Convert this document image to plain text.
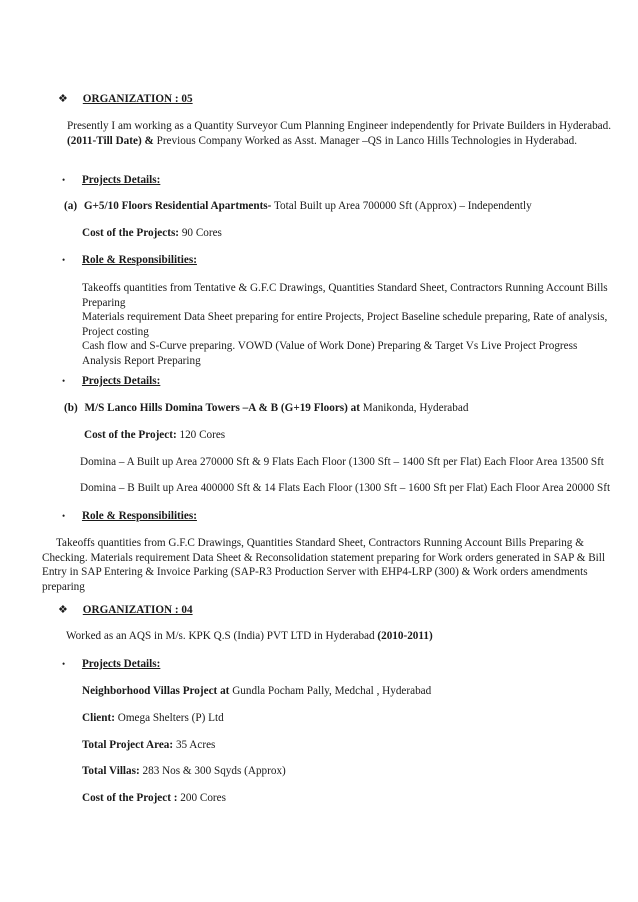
❖ ORGANIZATION : 05
Presently I am working as a Quantity Surveyor Cum Planning Engineer independently for Private Builders in Hyderabad. (2011-Till Date) & Previous Company Worked as Asst. Manager –QS in Lanco Hills Technologies in Hyderabad.
• Projects Details:
(a) G+5/10 Floors Residential Apartments- Total Built up Area 700000 Sft (Approx) – Independently
Cost of the Projects: 90 Cores
• Role & Responsibilities:
Takeoffs quantities from Tentative & G.F.C Drawings, Quantities Standard Sheet, Contractors Running Account Bills
Preparing
Materials requirement Data Sheet preparing for entire Projects, Project Baseline schedule preparing, Rate of analysis,
Project costing
Cash flow and S-Curve preparing. VOWD (Value of Work Done) Preparing & Target Vs Live Project Progress
Analysis Report Preparing
• Projects Details:
(b) M/S Lanco Hills Domina Towers –A & B (G+19 Floors) at Manikonda, Hyderabad
Cost of the Project: 120 Cores
Domina – A Built up Area 270000 Sft & 9 Flats Each Floor (1300 Sft – 1400 Sft per Flat) Each Floor Area 13500 Sft
Domina – B Built up Area 400000 Sft & 14 Flats Each Floor (1300 Sft – 1600 Sft per Flat) Each Floor Area 20000 Sft
• Role & Responsibilities:
Takeoffs quantities from G.F.C Drawings, Quantities Standard Sheet, Contractors Running Account Bills Preparing &
Checking. Materials requirement Data Sheet & Reconsolidation statement preparing for Work orders generated in SAP & Bill
Entry in SAP Entering & Invoice Parking (SAP-R3 Production Server with EHP4-LRP (300) & Work orders amendments
preparing
❖ ORGANIZATION : 04
Worked as an AQS in M/s. KPK Q.S (India) PVT LTD in Hyderabad (2010-2011)
• Projects Details:
Neighborhood Villas Project at Gundla Pocham Pally, Medchal , Hyderabad
Client: Omega Shelters (P) Ltd
Total Project Area: 35 Acres
Total Villas: 283 Nos & 300 Sqyds (Approx)
Cost of the Project : 200 Cores
